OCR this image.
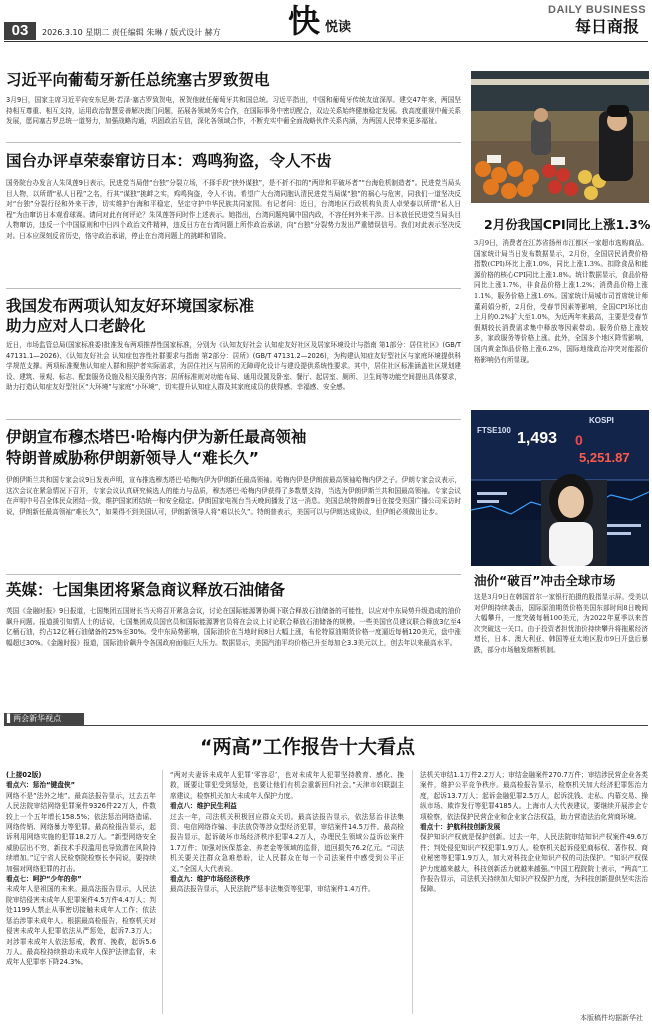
03	2026.3.10 星期二 责任编辑 朱琳 / 版式设计 赫方 快 悦读
DAILY BUSINESS
每日商报
习近平向葡萄牙新任总统塞古罗致贺电
3月9日，国家主席习近平向安东尼奥·若泽·塞古罗致贺电，祝贺他就任葡萄牙共和国总统。习近平指出，中国和葡萄牙传统友谊深厚。建交47年来，两国坚持相互尊重、相互支持，运用政治智慧妥善解决澳门问题，拓展各领域务实合作，在国际事务中密切配合，双边关系始终健康稳定发展。我高度重视中葡关系发展，愿同塞古罗总统一道努力，加强战略沟通，巩固政治互信，深化各领域合作，不断充实中葡全面战略伙伴关系内涵，为两国人民带来更多福祉。
国台办评卓荣泰窜访日本：鸡鸣狗盗，令人不齿
国务院台办发言人朱凤莲9日表示，民进党当局借“台独”分裂立场，不择手段“挟外谋独”，是不折不扣的“两岸和平破坏者”“台海危机制造者”。民进党当局头目人物，以所谓“私人日程”之名，行其“谋独”挑衅之实，鸡鸣狗盗，令人不齿。希望广大台湾同胞认清民进党当局谋“独”的祸心与危害，同我们一道坚决反对“台独”分裂行径和外来干涉，切实维护台海和平稳定，坚定守护中华民族共同家园。有记者问：近日，台湾地区行政机构负责人卓荣泰以所谓“私人日程”为由窜访日本观看球赛。请问对此有何评论？朱凤莲答问时作上述表示。她指出，台湾问题纯属中国内政，不容任何外来干涉。日本放任民进党当局头目人物窜访，违反一个中国原则和中日四个政治文件精神，违反日方在台湾问题上所作政治承诺，向“台独”分裂势力发出严重错误信号。我们对此表示坚决反对。日本应深刻反省历史，恪守政治承诺，停止在台湾问题上的挑衅和冒险。
我国发布两项认知友好环境国家标准
助力应对人口老龄化
近日，市场监管总局(国家标准委)批准发布两项推荐性国家标准，分别为《认知友好社会 认知症友好社区及居家环境设计与指南 第1部分：居住社区》(GB/T 47131.1—2026)、《认知友好社会 认知症包容性社群要求与指南 第2部分：居所》(GB/T 47131.2—2026)，为构建认知症友好型社区与家庭环境提供科学规范支撑。两项标准聚焦认知症人群和照护者实际需求，为居住社区与居所的无障碍化设计与建设提供系统性要求。其中，居住社区标准涵盖社区规划建设、建筑、景观、标志、配套服务设施及相关服务内容；居所标准则对功能布局、通用设置及卧室、餐厅、起居室、厕所、卫生间等功能空间提出具体要求，助力打造认知症友好型社区“大环境”与家庭“小环境”，切实提升认知症人群及其家庭成员的获得感、幸福感、安全感。
伊朗宣布穆杰塔巴·哈梅内伊为新任最高领袖
特朗普威胁称伊朗新领导人“难长久”
伊朗伊斯兰共和国专家会议9日发表声明，宣布推选穆杰塔巴·哈梅内伊为伊朗新任最高领袖。哈梅内伊是伊朗前最高领袖哈梅内伊之子。伊朗专家会议表示，这次会议在紧急情况下召开，专家会议认真研究候选人的能力与品质，穆杰塔巴·哈梅内伊获得了多数票支持，当选为伊朗伊斯兰共和国最高领袖。专家会议在声明中号召全体民众团结一致，维护国家团结统一和安全稳定。伊朗国家电视台当天晚间播发了这一消息。美国总统特朗普9日在接受美国广播公司采访时说，伊朗新任最高领袖“难长久”，如果得不到美国认可，伊朗新领导人将“难以长久”。特朗普表示，美国可以与伊朗达成协议，但伊朗必须做出让步。
英媒：七国集团将紧急商议释放石油储备
英国《金融时报》9日报道，七国集团五国财长当天将召开紧急会议，讨论在国际能源署协调下联合释放石油储备的可能性，以应对中东局势升级造成的油价飙升问题。报道援引知情人士的话说，七国集团成员国官员和国际能源署官员将在会议上讨论联合释放石油储备的规模。一些美国官员建议联合释放3亿至4亿桶石油，约占12亿桶石油储备的25%至30%。受中东局势影响，国际油价在当地时间8日大幅上涨，布伦特原油期货价格一度逼近每桶120美元，盘中涨幅超过30%。《金融时报》报道，国际油价飙升令各国政府面临巨大压力。数据显示，美国汽油平均价格已升至每加仑3.3美元以上，创去年以来最高水平。
2月份我国CPI同比上涨1.3%
3月9日，消费者在江苏省扬州市江都区一家超市选购商品。国家统计局当日发布数据显示，2月份，全国居民消费价格指数(CPI)环比上涨1.0%，同比上涨1.3%。扣除食品和能源价格的核心CPI同比上涨1.8%。统计数据显示，食品价格同比上涨1.7%，非食品价格上涨1.2%；消费品价格上涨1.1%，服务价格上涨1.6%。国家统计局城市司首席统计师董莉娟分析，2月份，受春节因素等影响，全国CPI环比由上月的0.2%扩大至1.0%，为近两年来最高，主要是受春节假期较长消费需求集中释放等因素带动。服务价格上涨较多，家政服务等价格上涨。此外，全国多个地区降雪影响，国内黄金饰品价格上涨6.2%，国际地缘政治冲突对能源价格影响仍有所显现。
FTSE100 1,493 0
KOSPI
5,251.87
油价“破百”冲击全球市场
这是3月9日在韩国首尔一家银行拍摄的股指显示屏。受美以对伊朗持续袭击，国际原油期货价格美国东部时间8日晚间大幅攀升，一度突破每桶100美元，为2022年夏季以来首次突破这一关口。由于投资者担忧油价持续攀升将拖累经济增长，日本、澳大利亚、韩国等亚太地区股市9日开盘后暴跌，部分市场触发熔断机制。
▌两会新华视点
“两高”工作报告十大看点
(上接02版)
看点六：惩治“键盘侠”
网络不是“法外之地”。最高法报告显示，过去五年人民法院审结网络犯罪案件9326件22万人，件数较上一个五年增长158.5%；依法惩治网络造谣、网络传销、网络暴力等犯罪。最高检报告显示，起诉利用网络实施的犯罪18.2万人。“新型网络安全威胁层出不穷，新技术手段滥用也导致潜在风险持续增加。”辽宁省人民检察院检察长李同说，要持续加强对网络犯罪的打击。
看点七：呵护“少年的你”
未成年人是祖国的未来。最高法报告显示，人民法院审结侵害未成年人犯罪案件4.5万件4.4万人；判处1199人禁止从事密切接触未成年人工作；依法惩治涉罪未成年人。根据最高检报告，检察机关对侵害未成年人犯罪依法从严惩处，起诉7.3万人；对涉罪未成年人依法惩戒，教育、挽救，起诉5.6万人。最高检持续推动未成年人保护法律监督，未成年人犯罪率下降24.3%。
“两对夫妻诉未成年人犯罪‘零容忍’，也对未成年人犯罪坚持教育、感化、挽救，既要让罪犯受到惩处，也要让他们有机会重新回归社会。”天津市妇联副主席建议，检察机关加大未成年人保护力度。
看点八：维护民生利益
过去一年，司法机关积极回应群众关切。最高法报告显示，依法惩治非法集资、电信网络诈骗、非法放贷等涉众型经济犯罪，审结案件14.5万件。最高检报告显示，起诉破坏市场经济秩序犯罪4.2万人，办理民生领域公益诉讼案件1.7万件；加强对医保基金、养老金等领域的监督，追回损失76.2亿元。“司法机关要关注群众急难愁盼，让人民群众在每一个司法案件中感受到公平正义。”全国人大代表说。
看点九：维护市场经济秩序
最高法报告显示，人民法院严惩非法集资等犯罪，审结案件1.4万件。
法机关审结1.1万件2.2万人；审结金融案件270.7万件；审结涉民营企业各类案件，维护公平竞争秩序。最高检报告显示，检察机关加大经济犯罪惩治力度，起诉13.7万人；起诉金融犯罪2.5万人，起诉洗钱、走私、内幕交易、操纵市场、欺诈发行等犯罪4185人。上海市人大代表建议，要继续开展涉企专项检察，依法保护民营企业和企业家合法权益，助力营造法治化营商环境。
看点十：护航科技创新发展
保护知识产权就是保护创新。过去一年，人民法院审结知识产权案件49.6万件；判处侵犯知识产权犯罪1.9万人。检察机关起诉侵犯商标权、著作权、商业秘密等犯罪1.9万人，加大对科技企业知识产权的司法保护。“知识产权保护力度越来越大，科技创新活力就越来越强。”中国工程院院士表示，“两高”工作报告显示，司法机关持续加大知识产权保护力度，为科技创新提供坚实法治保障。
本版稿件均据新华社
